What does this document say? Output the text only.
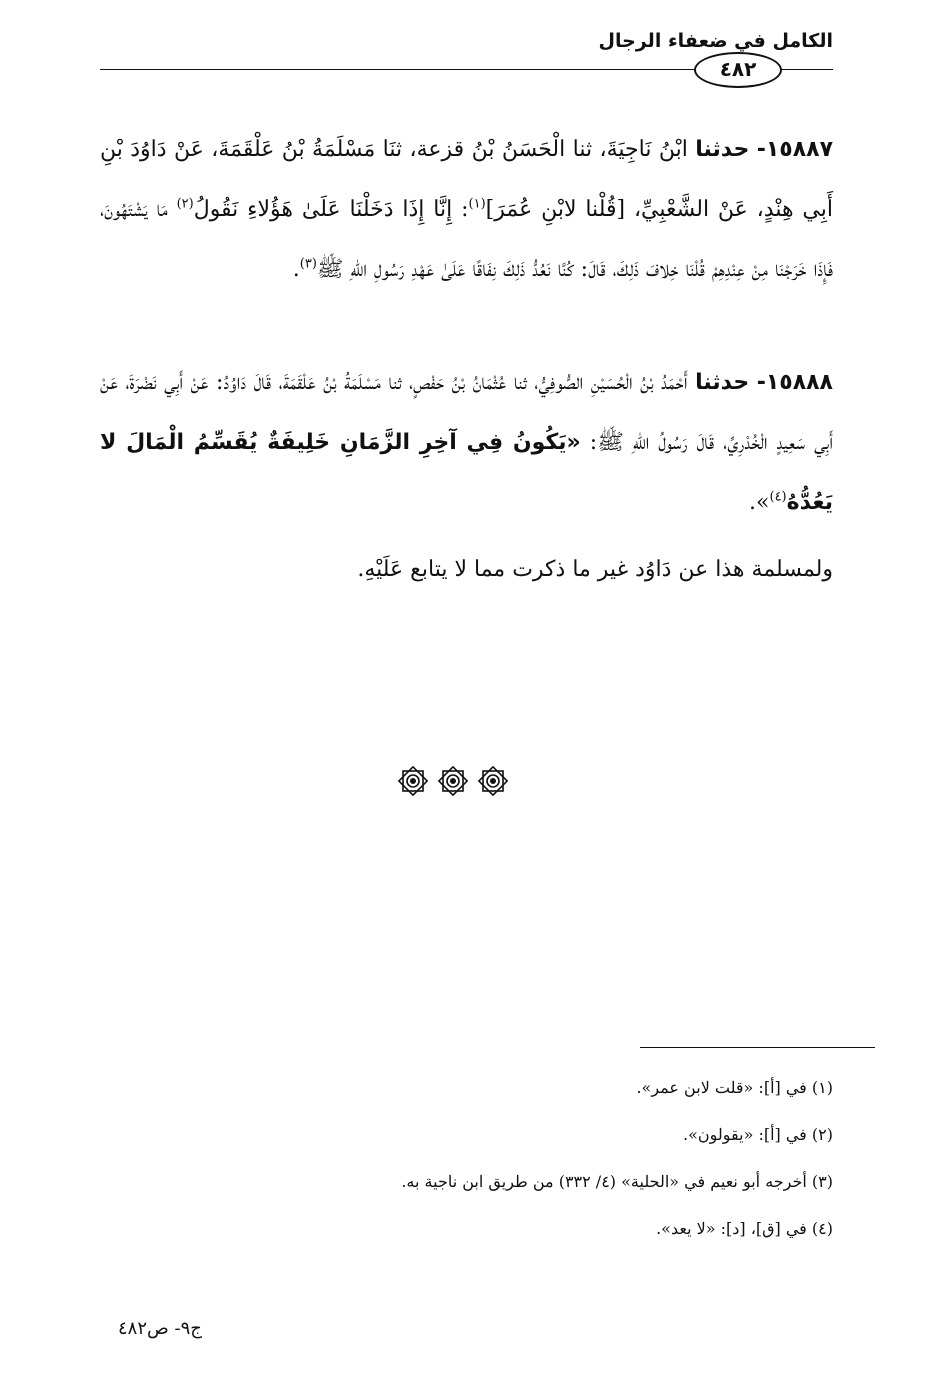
الكامل في ضعفاء الرجال
٤٨٢
١٥٨٨٧- حدثنا ابْنُ نَاجِيَةَ، ثنا الْحَسَنُ بْنُ قزعة، ثنَا مَسْلَمَةُ بْنُ عَلْقَمَةَ، عَنْ دَاوُدَ بْنِ أَبِي هِنْدٍ، عَنْ الشَّعْبِيِّ، [قُلْنا لابْنِ عُمَرَ]$^{(١)}$: إِنَّا إِذَا دَخَلْنَا عَلَىٰ هَؤُلاءِ نَقُولُ$^{(٢)}$ مَا يَشْتَهُونَ، فَإِذَا خَرَجْنَا مِنْ عِنْدِهِمْ قُلْنَا خِلافَ ذَلِكَ، قَالَ: كُنَّا نَعُدُّ ذَلِكَ نِفَاقًا عَلَىٰ عَهْدِ رَسُولِ اللهِ ﷺ$^{(٣)}$.
١٥٨٨٨- حدثنا أَحْمَدُ بْنُ الْحُسَيْنِ الصُّوفِيُّ، ثنا عُثْمَانُ بْنُ حَفْصٍ، ثنا مَسْلَمَةُ بْنُ عَلْقَمَةَ، قَالَ دَاوُدُ: عَنْ أَبِي نَضْرَةَ، عَنْ أَبِي سَعِيدٍ الْخُدْرِيِّ، قَالَ رَسُولُ اللهِ ﷺ: «يَكُونُ فِي آخِرِ الزَّمَانِ خَلِيفَةٌ يُقَسِّمُ الْمَالَ لا يَعُدُّهُ$^{(٤)}$».
ولمسلمة هذا عن دَاوُد غير ما ذكرت مما لا يتابع عَلَيْهِ.
(١) في [أ]: «قلت لابن عمر».
(٢) في [أ]: «يقولون».
(٣) أخرجه أبو نعيم في «الحلية» (٤/ ٣٣٢) من طريق ابن ناجية به.
(٤) في [ق]، [د]: «لا يعد».
ج٩- ص٤٨٢
